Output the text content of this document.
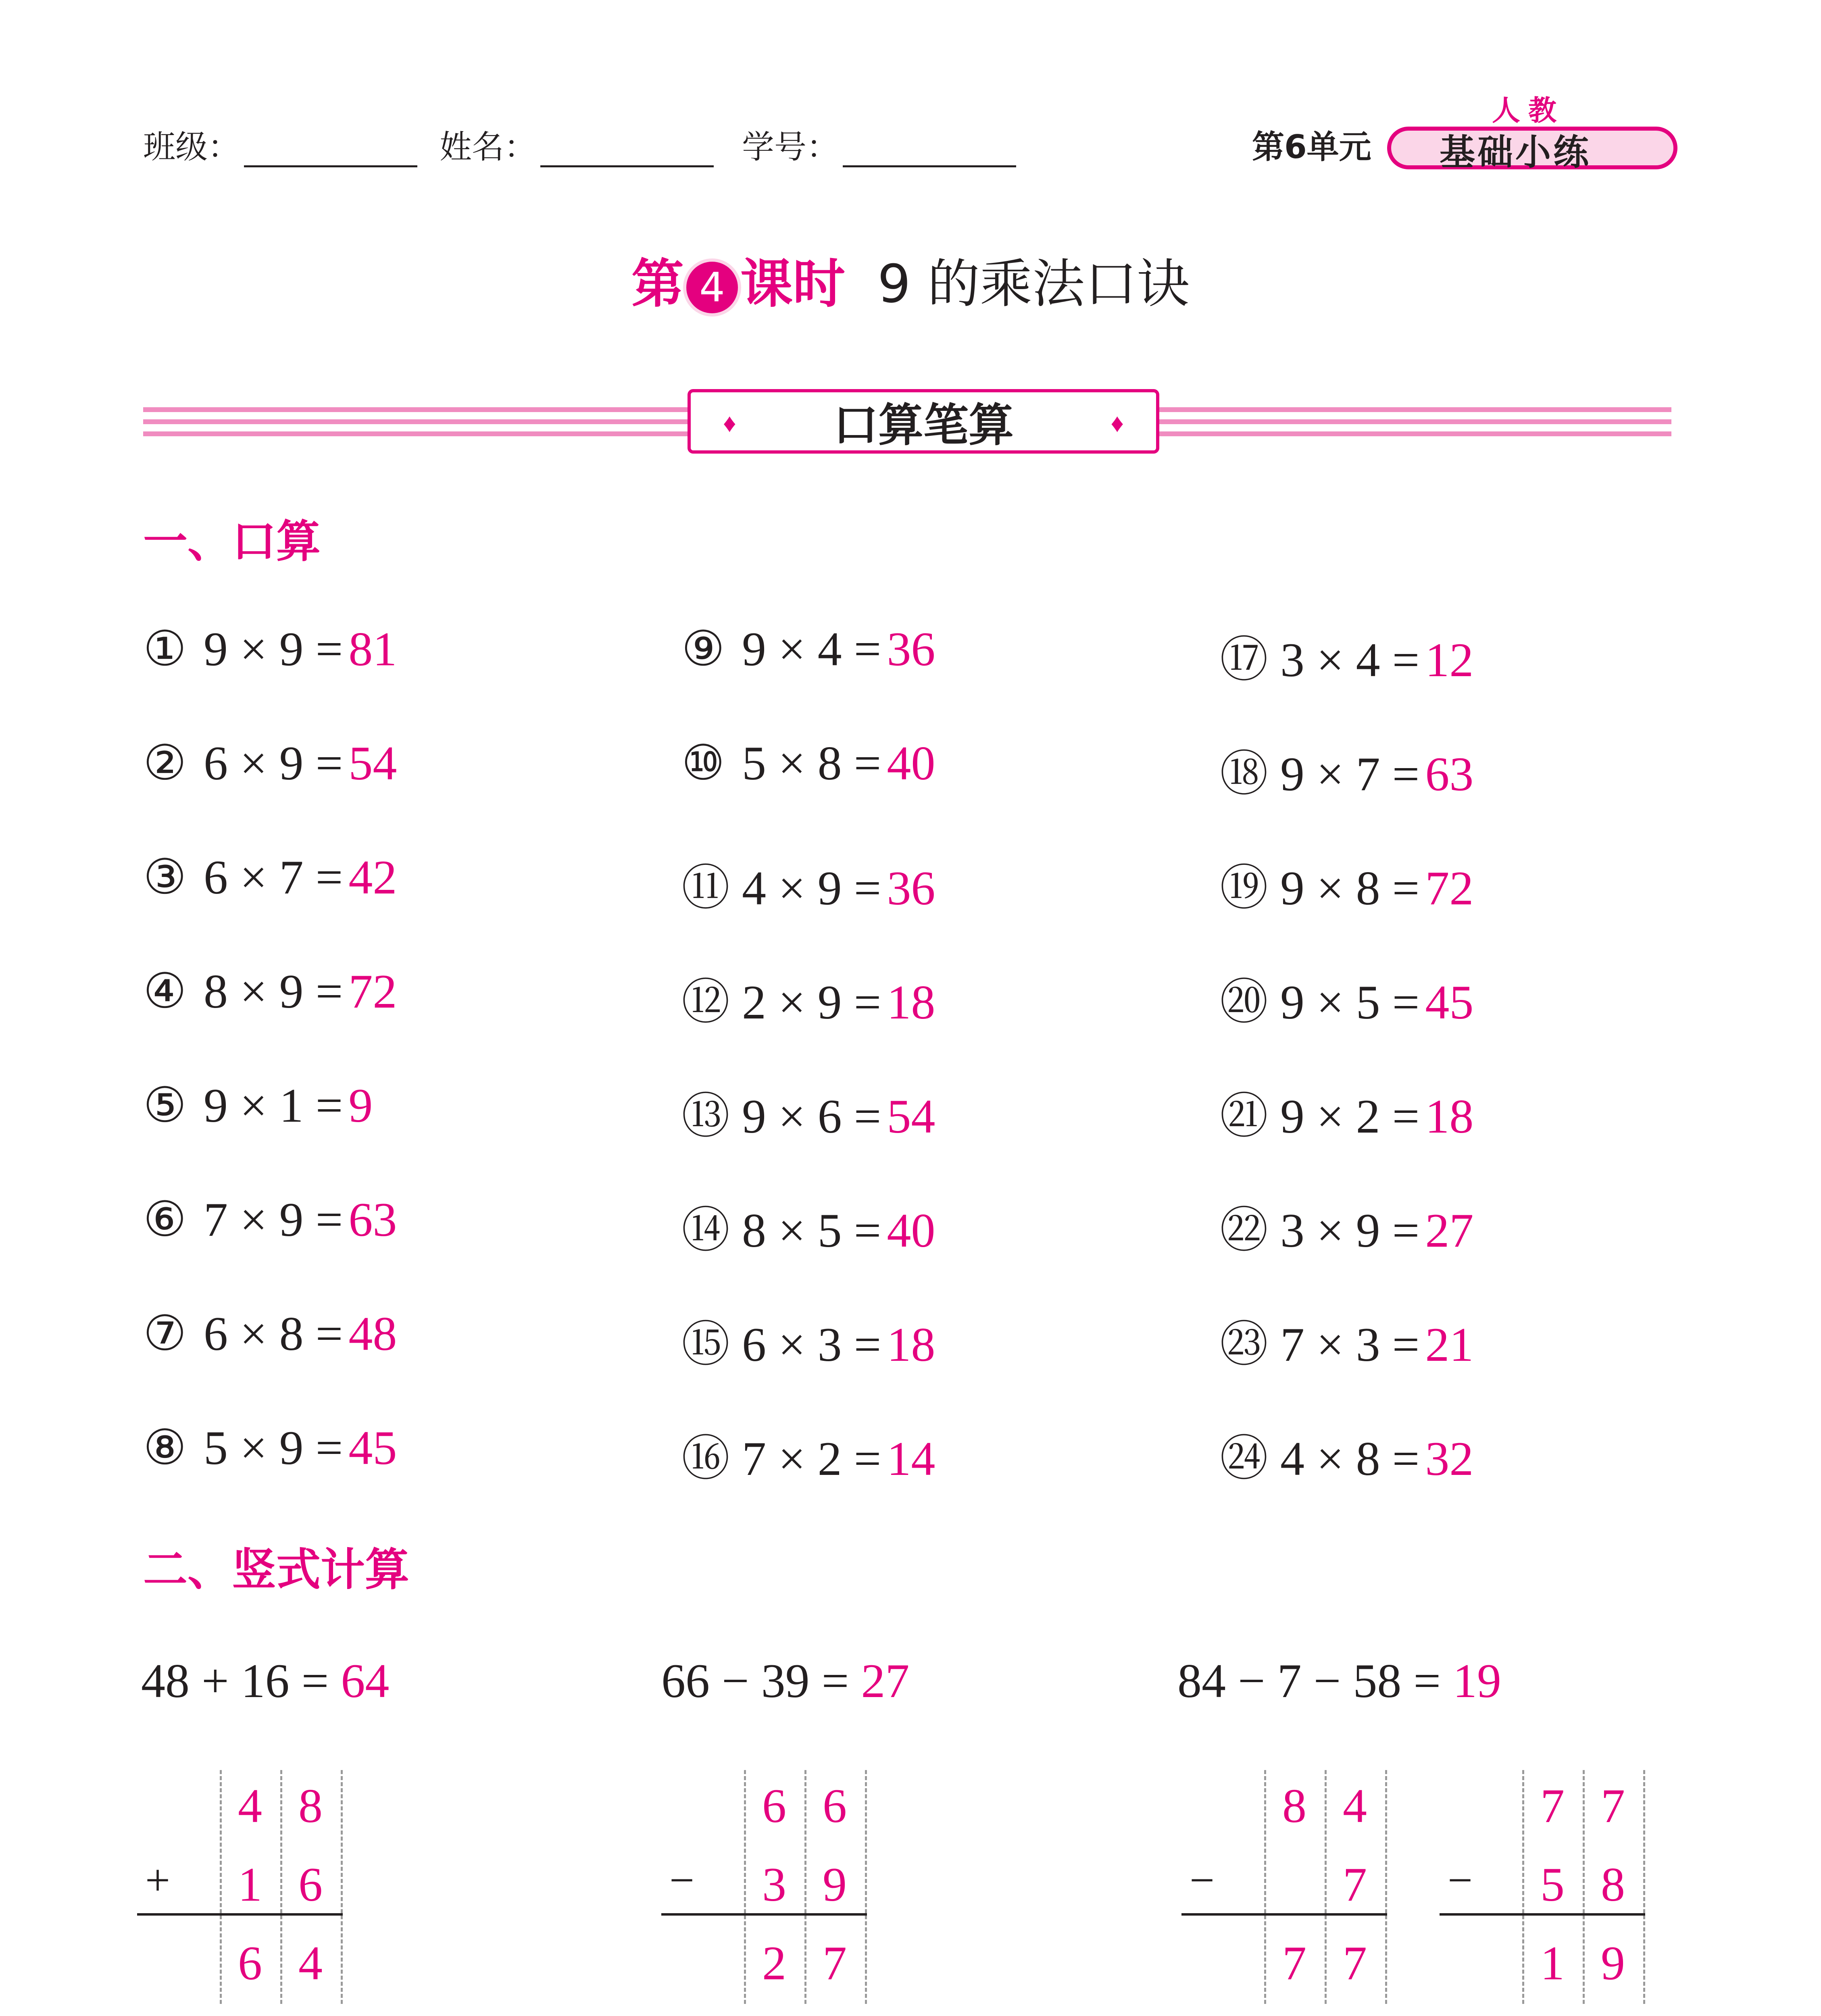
班级：	姓名：	学号：	第6单元
人教
基础小练
第 4 课时 9 的乘法口诀
♦ 口算笔算	♦
一、口算
① 9 × 9 = 81
② 6 × 9 = 54
③ 6 × 7 = 42
④ 8 × 9 = 72
⑤ 9 × 1 = 9
⑥ 7 × 9 = 63
⑦ 6 × 8 = 48
⑧ 5 × 9 = 45
⑨ 9 × 4 = 36
⑩ 5 × 8 = 40
⑪ 4 × 9 = 36
⑫ 2 × 9 = 18
⑬ 9 × 6 = 54
⑭ 8 × 5 = 40
⑮ 6 × 3 = 18
⑯ 7 × 2 = 14
⑰ 3 × 4 = 12
⑱ 9 × 7 = 63
⑲ 9 × 8 = 72
⑳ 9 × 5 = 45
㉑ 9 × 2 = 18
㉒ 3 × 9 = 27
㉓ 7 × 3 = 21
㉔ 4 × 8 = 32
二、竖式计算
48 + 16 = 64	66 − 39 = 27	84 − 7 − 58 = 19
+
4 8
1 6
6 4
−
6 6
3 9
2 7
−
8 4
7
7 7
−
7 7
5 8
1 9
